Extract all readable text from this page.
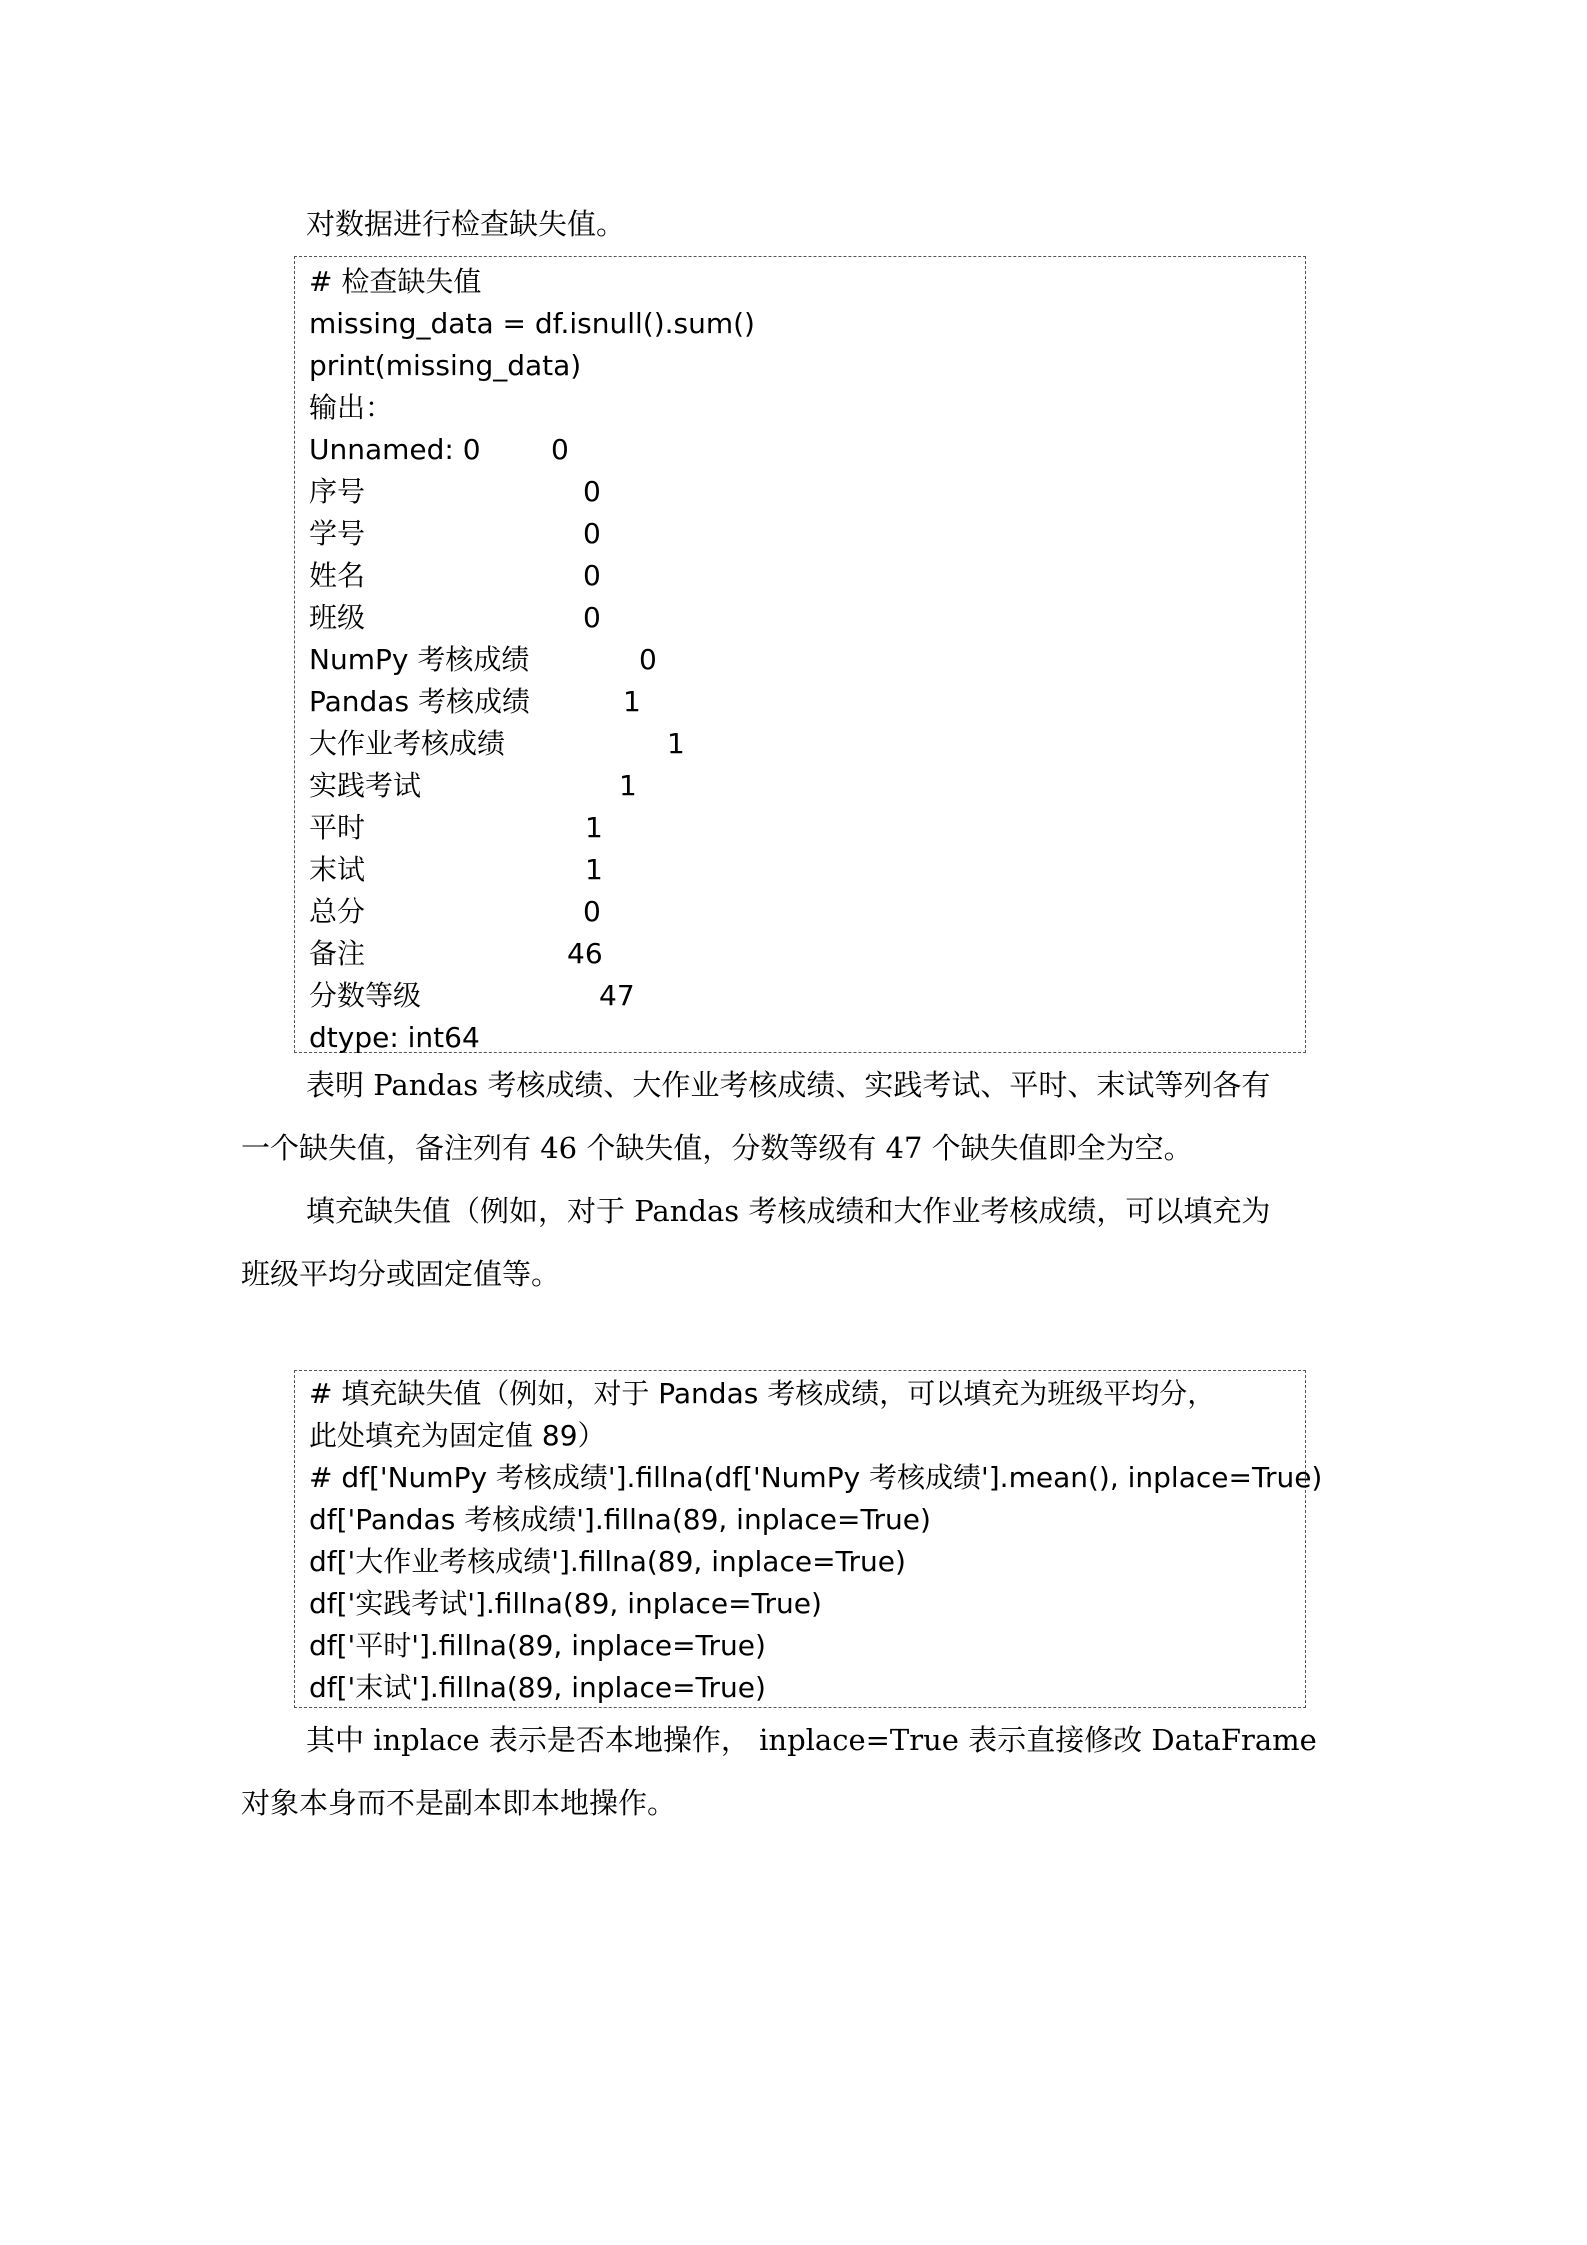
对数据进行检查缺失值。

# 检查缺失值
missing_data = df.isnull().sum()
print(missing_data)
输出：
Unnamed: 0	0
序号	0
学号	0
姓名	0
班级	0
NumPy 考核成绩	0
Pandas 考核成绩	1
大作业考核成绩	1
实践考试	1
平时	1
末试	1
总分	0
备注	46
分数等级	47
dtype: int64

表明 Pandas 考核成绩、大作业考核成绩、实践考试、平时、末试等列各有

一个缺失值，备注列有 46 个缺失值，分数等级有 47 个缺失值即全为空。

填充缺失值（例如，对于 Pandas 考核成绩和大作业考核成绩，可以填充为

班级平均分或固定值等。

# 填充缺失值（例如，对于 Pandas 考核成绩，可以填充为班级平均分，
此处填充为固定值 89）
# df['NumPy 考核成绩'].fillna(df['NumPy 考核成绩'].mean(), inplace=True)
df['Pandas 考核成绩'].fillna(89, inplace=True)
df['大作业考核成绩'].fillna(89, inplace=True)
df['实践考试'].fillna(89, inplace=True)
df['平时'].fillna(89, inplace=True)
df['末试'].fillna(89, inplace=True)

其中 inplace 表示是否本地操作， inplace=True 表示直接修改 DataFrame

对象本身而不是副本即本地操作。
